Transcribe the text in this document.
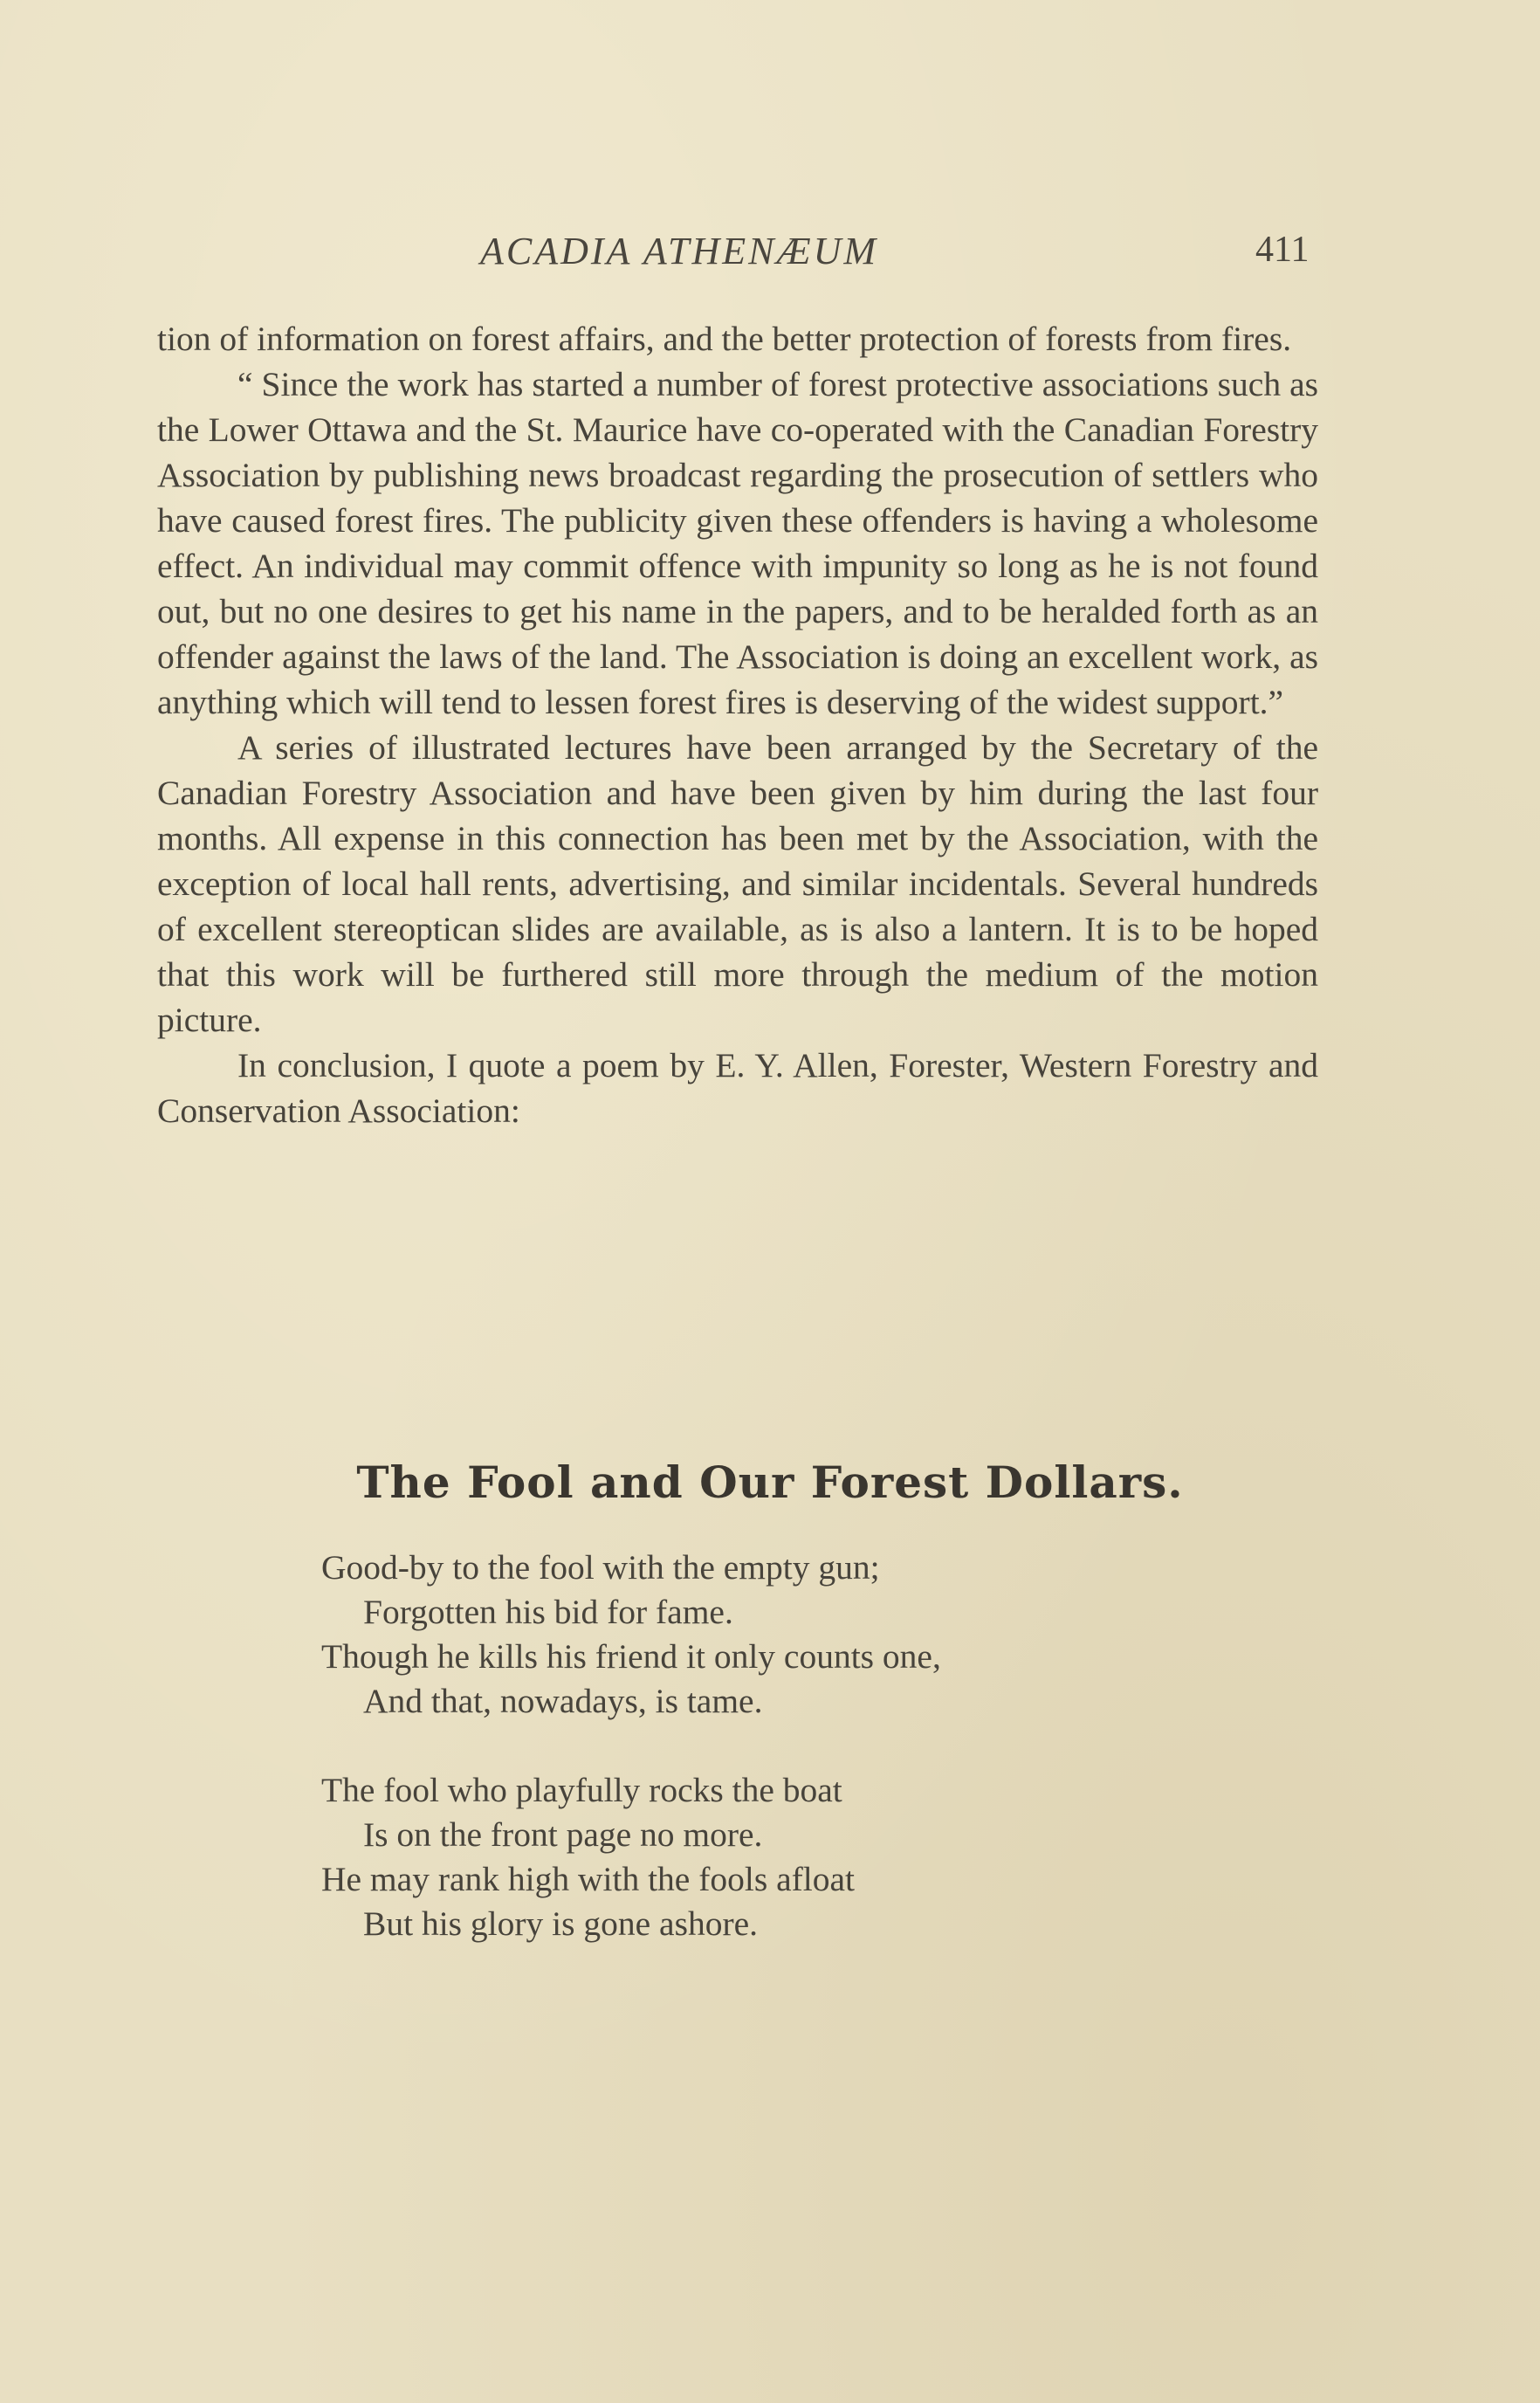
ACADIA ATHENÆUM	411

tion of information on forest affairs, and the better protection of forests from fires.

“ Since the work has started a number of forest protective associations such as the Lower Ottawa and the St. Maurice have co-operated with the Canadian Forestry Association by publishing news broadcast regarding the prosecution of settlers who have caused forest fires. The publicity given these offenders is having a wholesome effect. An individual may commit offence with impunity so long as he is not found out, but no one desires to get his name in the papers, and to be heralded forth as an offender against the laws of the land. The Association is doing an excellent work, as anything which will tend to lessen forest fires is deserving of the widest support.”

A series of illustrated lectures have been arranged by the Secretary of the Canadian Forestry Association and have been given by him during the last four months. All expense in this connection has been met by the Association, with the exception of local hall rents, advertising, and similar incidentals. Several hundreds of excellent stereoptican slides are available, as is also a lantern. It is to be hoped that this work will be furthered still more through the medium of the motion picture.

In conclusion, I quote a poem by E. Y. Allen, Forester, Western Forestry and Conservation Association:

The Fool and Our Forest Dollars.
Good-by to the fool with the empty gun;
Forgotten his bid for fame.
Though he kills his friend it only counts one,
And that, nowadays, is tame.
The fool who playfully rocks the boat
Is on the front page no more.
He may rank high with the fools afloat
But his glory is gone ashore.
